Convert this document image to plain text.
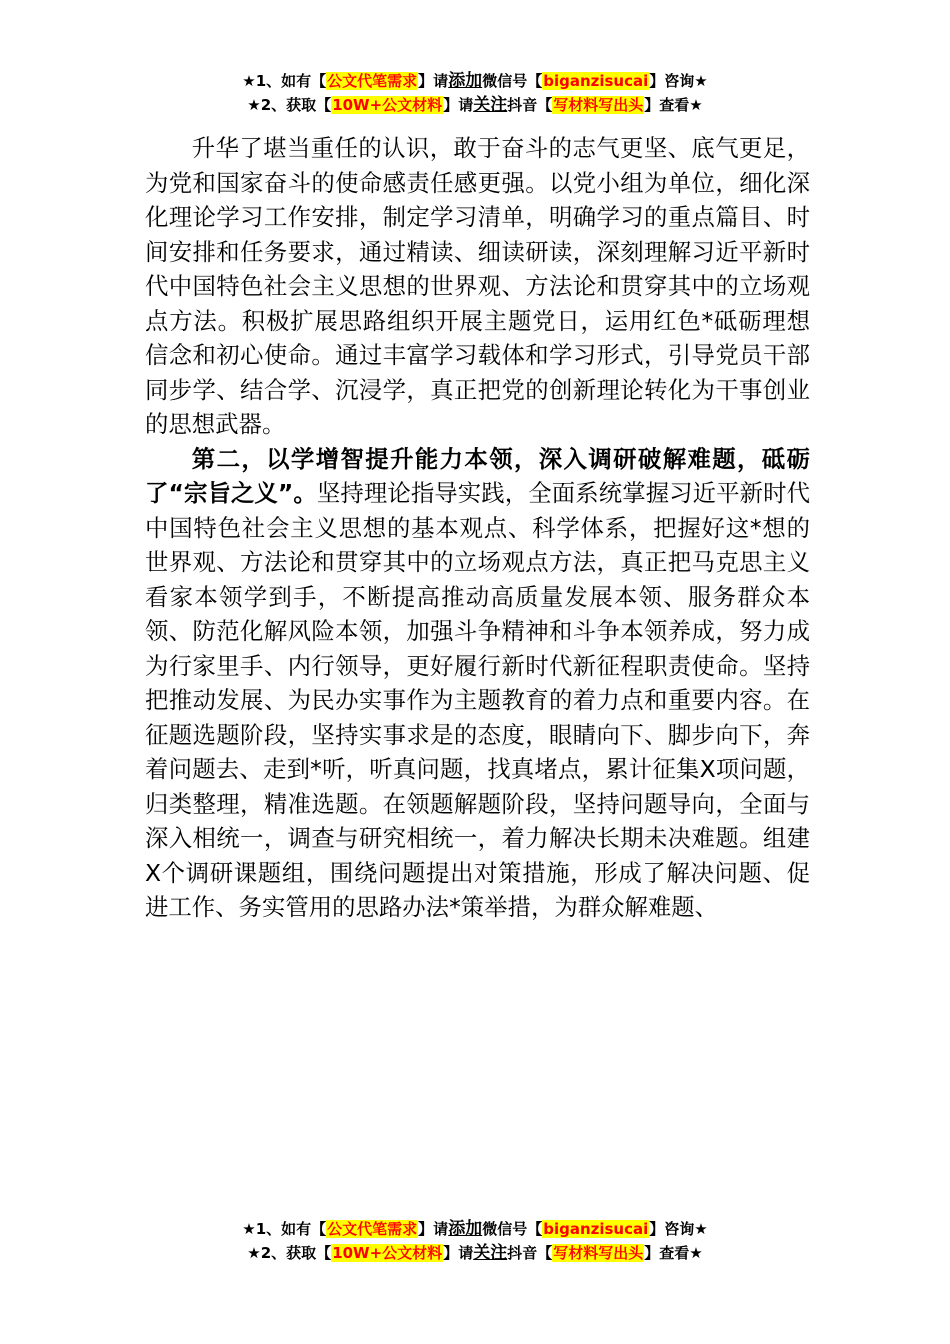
★1、如有【公文代笔需求】请添加微信号【biganzisucai】咨询★
★2、获取【10W+公文材料】请关注抖音【写材料写出头】查看★

升华了堪当重任的认识，敢于奋斗的志气更坚、底气更足，为党和国家奋斗的使命感责任感更强。以党小组为单位，细化深化理论学习工作安排，制定学习清单，明确学习的重点篇目、时间安排和任务要求，通过精读、细读研读，深刻理解习近平新时代中国特色社会主义思想的世界观、方法论和贯穿其中的立场观点方法。积极扩展思路组织开展主题党日，运用红色*砥砺理想信念和初心使命。通过丰富学习载体和学习形式，引导党员干部同步学、结合学、沉浸学，真正把党的创新理论转化为干事创业的思想武器。

第二，以学增智提升能力本领，深入调研破解难题，砥砺了“宗旨之义”。坚持理论指导实践，全面系统掌握习近平新时代中国特色社会主义思想的基本观点、科学体系，把握好这*想的世界观、方法论和贯穿其中的立场观点方法，真正把马克思主义看家本领学到手，不断提高推动高质量发展本领、服务群众本领、防范化解风险本领，加强斗争精神和斗争本领养成，努力成为行家里手、内行领导，更好履行新时代新征程职责使命。坚持把推动发展、为民办实事作为主题教育的着力点和重要内容。在征题选题阶段，坚持实事求是的态度，眼睛向下、脚步向下，奔着问题去、走到*听，听真问题，找真堵点，累计征集X项问题，归类整理，精准选题。在领题解题阶段，坚持问题导向，全面与深入相统一，调查与研究相统一，着力解决长期未决难题。组建X个调研课题组，围绕问题提出对策措施，形成了解决问题、促进工作、务实管用的思路办法*策举措，为群众解难题、

★1、如有【公文代笔需求】请添加微信号【biganzisucai】咨询★
★2、获取【10W+公文材料】请关注抖音【写材料写出头】查看★
